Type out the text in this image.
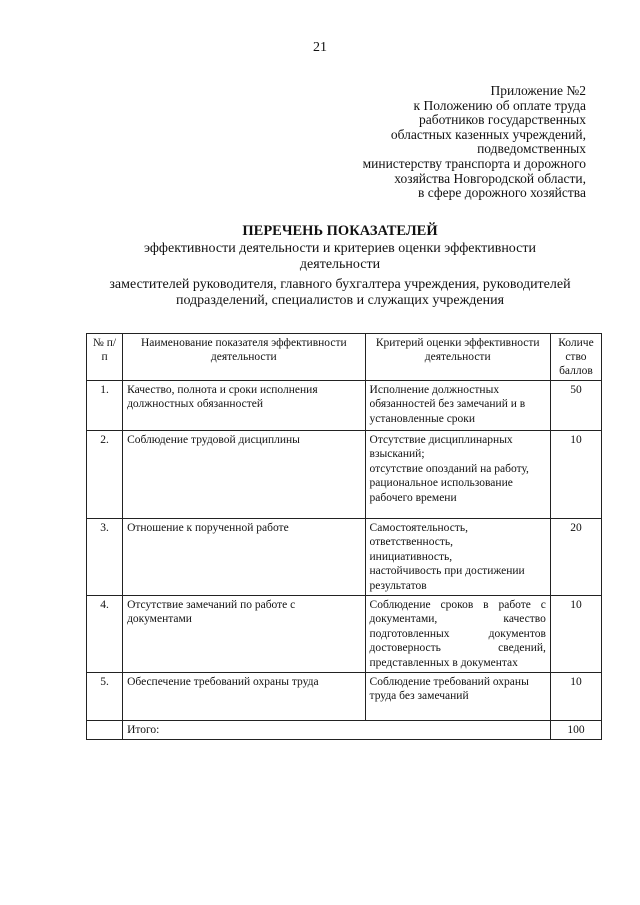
21
Приложение №2
к Положению об оплате труда
работников государственных
областных казенных учреждений,
подведомственных
министерству транспорта и дорожного
хозяйства Новгородской области,
в сфере дорожного хозяйства
ПЕРЕЧЕНЬ ПОКАЗАТЕЛЕЙ
эффективности деятельности и критериев оценки эффективности
деятельности
заместителей руководителя, главного бухгалтера учреждения, руководителей
подразделений, специалистов и служащих учреждения
№ п/п	Наименование показателя эффективности деятельности	Критерий оценки эффективности деятельности	Количе ство баллов
1.	Качество, полнота и сроки исполнения должностных обязанностей	Исполнение должностных обязанностей без замечаний и в установленные сроки	50
2.	Соблюдение трудовой дисциплины	Отсутствие дисциплинарных взысканий;
отсутствие опозданий на работу,
рациональное использование рабочего времени	10
3.	Отношение к порученной работе	Самостоятельность,
ответственность,
инициативность,
настойчивость при достижении результатов	20
4.	Отсутствие замечаний по работе с документами	Соблюдение сроков в работе с документами, качество подготовленных документов достоверность сведений, представленных в документах	10
5.	Обеспечение требований охраны труда	Соблюдение требований охраны труда без замечаний	10
	Итого:		100
